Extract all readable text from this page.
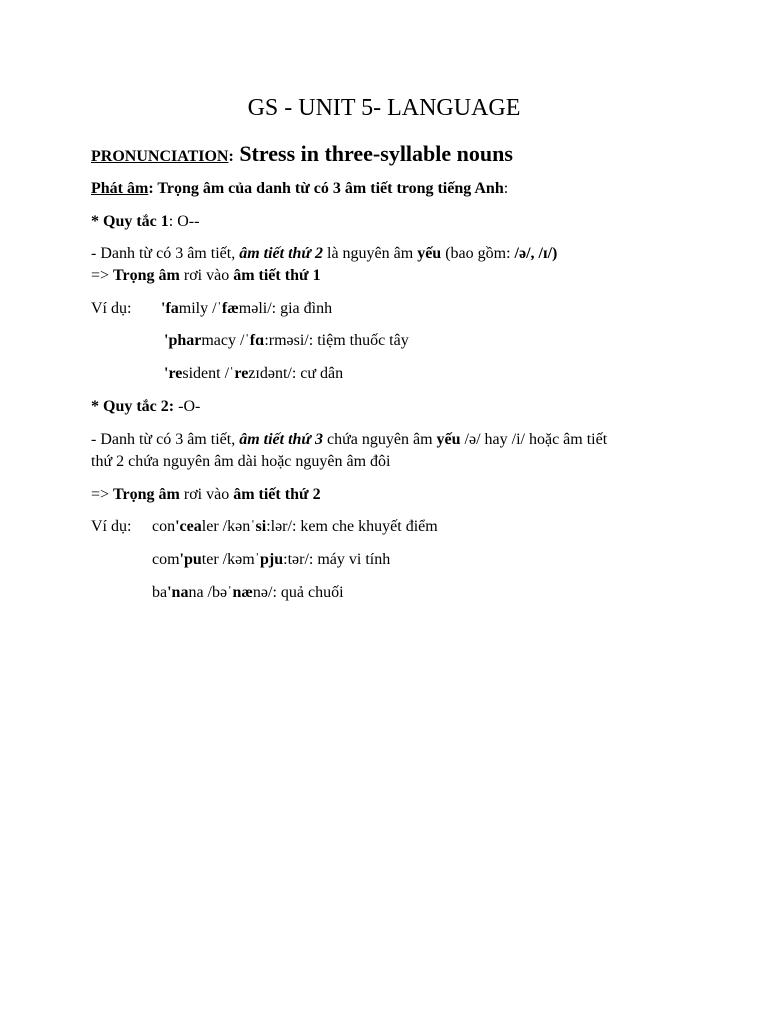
GS - UNIT 5- LANGUAGE
PRONUNCIATION: Stress in three-syllable nouns
Phát âm: Trọng âm của danh từ có 3 âm tiết trong tiếng Anh:
* Quy tắc 1: O--
- Danh từ có 3 âm tiết, âm tiết thứ 2 là nguyên âm yếu (bao gồm: /ə/, /ɪ/)
=> Trọng âm rơi vào âm tiết thứ 1
Ví dụ: 'family /ˈfæməli/: gia đình
'pharmacy /ˈfɑ:rməsi/: tiệm thuốc tây
'resident /ˈrezɪdənt/: cư dân
* Quy tắc 2: -O-
- Danh từ có 3 âm tiết, âm tiết thứ 3 chứa nguyên âm yếu /ə/ hay /i/ hoặc âm tiết
thứ 2 chứa nguyên âm dài hoặc nguyên âm đôi
=> Trọng âm rơi vào âm tiết thứ 2
Ví dụ: con'cealer /kənˈsi:lər/: kem che khuyết điểm
com'puter /kəmˈpju:tər/: máy vi tính
ba'nana /bəˈnænə/: quả chuối
